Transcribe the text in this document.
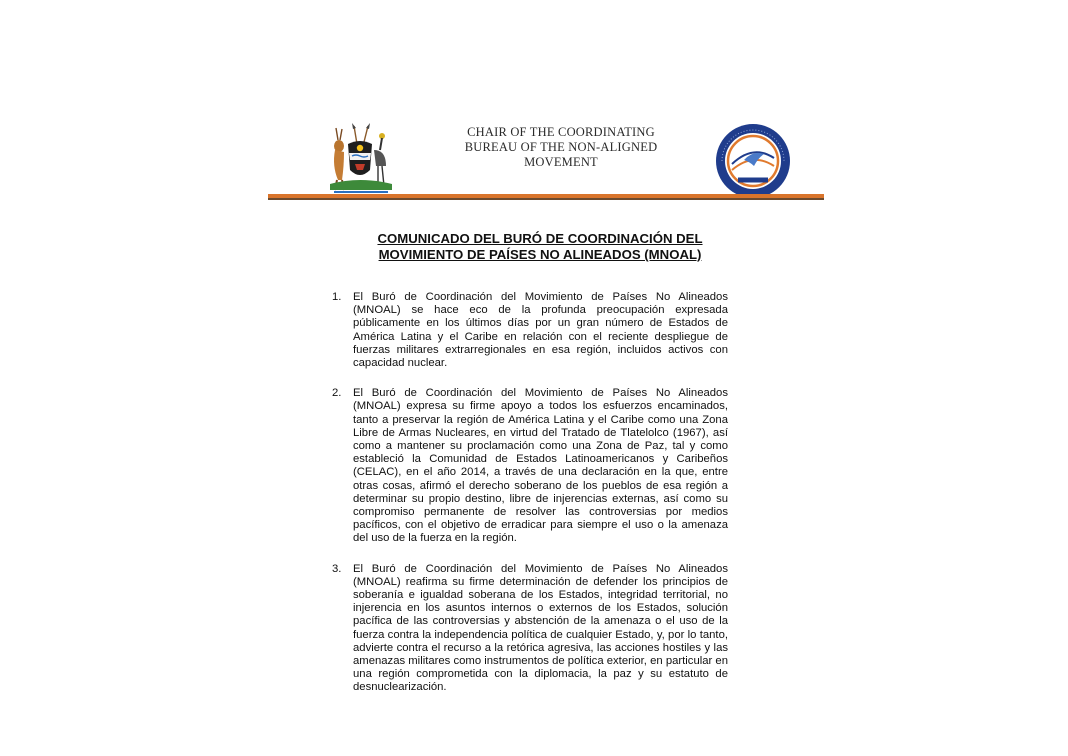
CHAIR OF THE COORDINATING
BUREAU OF THE NON-ALIGNED
MOVEMENT
COMUNICADO DEL BURÓ DE COORDINACIÓN DEL
MOVIMIENTO DE PAÍSES NO ALINEADOS (MNOAL)
1. El Buró de Coordinación del Movimiento de Países No Alineados (MNOAL) se hace eco de la profunda preocupación expresada públicamente en los últimos días por un gran número de Estados de América Latina y el Caribe en relación con el reciente despliegue de fuerzas militares extrarregionales en esa región, incluidos activos con capacidad nuclear.
2. El Buró de Coordinación del Movimiento de Países No Alineados (MNOAL) expresa su firme apoyo a todos los esfuerzos encaminados, tanto a preservar la región de América Latina y el Caribe como una Zona Libre de Armas Nucleares, en virtud del Tratado de Tlatelolco (1967), así como a mantener su proclamación como una Zona de Paz, tal y como estableció la Comunidad de Estados Latinoamericanos y Caribeños (CELAC), en el año 2014, a través de una declaración en la que, entre otras cosas, afirmó el derecho soberano de los pueblos de esa región a determinar su propio destino, libre de injerencias externas, así como su compromiso permanente de resolver las controversias por medios pacíficos, con el objetivo de erradicar para siempre el uso o la amenaza del uso de la fuerza en la región.
3. El Buró de Coordinación del Movimiento de Países No Alineados (MNOAL) reafirma su firme determinación de defender los principios de soberanía e igualdad soberana de los Estados, integridad territorial, no injerencia en los asuntos internos o externos de los Estados, solución pacífica de las controversias y abstención de la amenaza o el uso de la fuerza contra la independencia política de cualquier Estado, y, por lo tanto, advierte contra el recurso a la retórica agresiva, las acciones hostiles y las amenazas militares como instrumentos de política exterior, en particular en una región comprometida con la diplomacia, la paz y su estatuto de desnuclearización.
